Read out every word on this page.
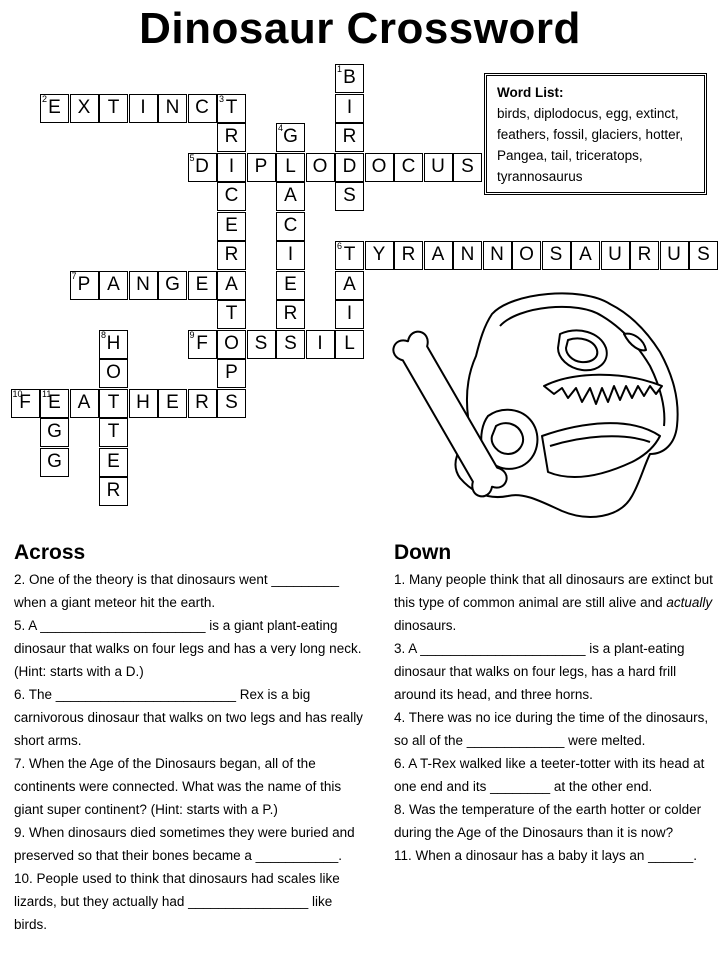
Dinosaur Crossword
2 E X T	I	N C	3 T
5 D	I	P L O D O C U S
6 T Y R A N N O S A U R U S
7 P A N G E A
9 F O S S	I	L
10
F	11
E A T H E R S
1 B
I
R
S
R
C
E
R
T
P
4 G
A
C
I
E
R
A
I
8 H
O
T
E
R
G
G
Word List:
birds, diplodocus, egg, extinct, feathers, fossil, glaciers, hotter, Pangea, tail, triceratops, tyrannosaurus
Across

2. One of the theory is that dinosaurs went _________ when a giant meteor hit the earth.

5. A ______________________ is a giant plant-eating dinosaur that walks on four legs and has a very long neck. (Hint: starts with a D.)

6. The ________________________ Rex is a big carnivorous dinosaur that walks on two legs and has really short arms.

7. When the Age of the Dinosaurs began, all of the continents were connected. What was the name of this giant super continent? (Hint: starts with a P.)

9. When dinosaurs died sometimes they were buried and preserved so that their bones became a ___________.

10. People used to think that dinosaurs had scales like lizards, but they actually had ________________ like birds.

Down

1. Many people think that all dinosaurs are extinct but this type of common animal are still alive and actually dinosaurs.

3. A ______________________ is a plant-eating dinosaur that walks on four legs, has a hard frill around its head, and three horns.

4. There was no ice during the time of the dinosaurs, so all of the _____________ were melted.

6. A T-Rex walked like a teeter-totter with its head at one end and its ________ at the other end.

8. Was the temperature of the earth hotter or colder during the Age of the Dinosaurs than it is now?

11. When a dinosaur has a baby it lays an ______.
